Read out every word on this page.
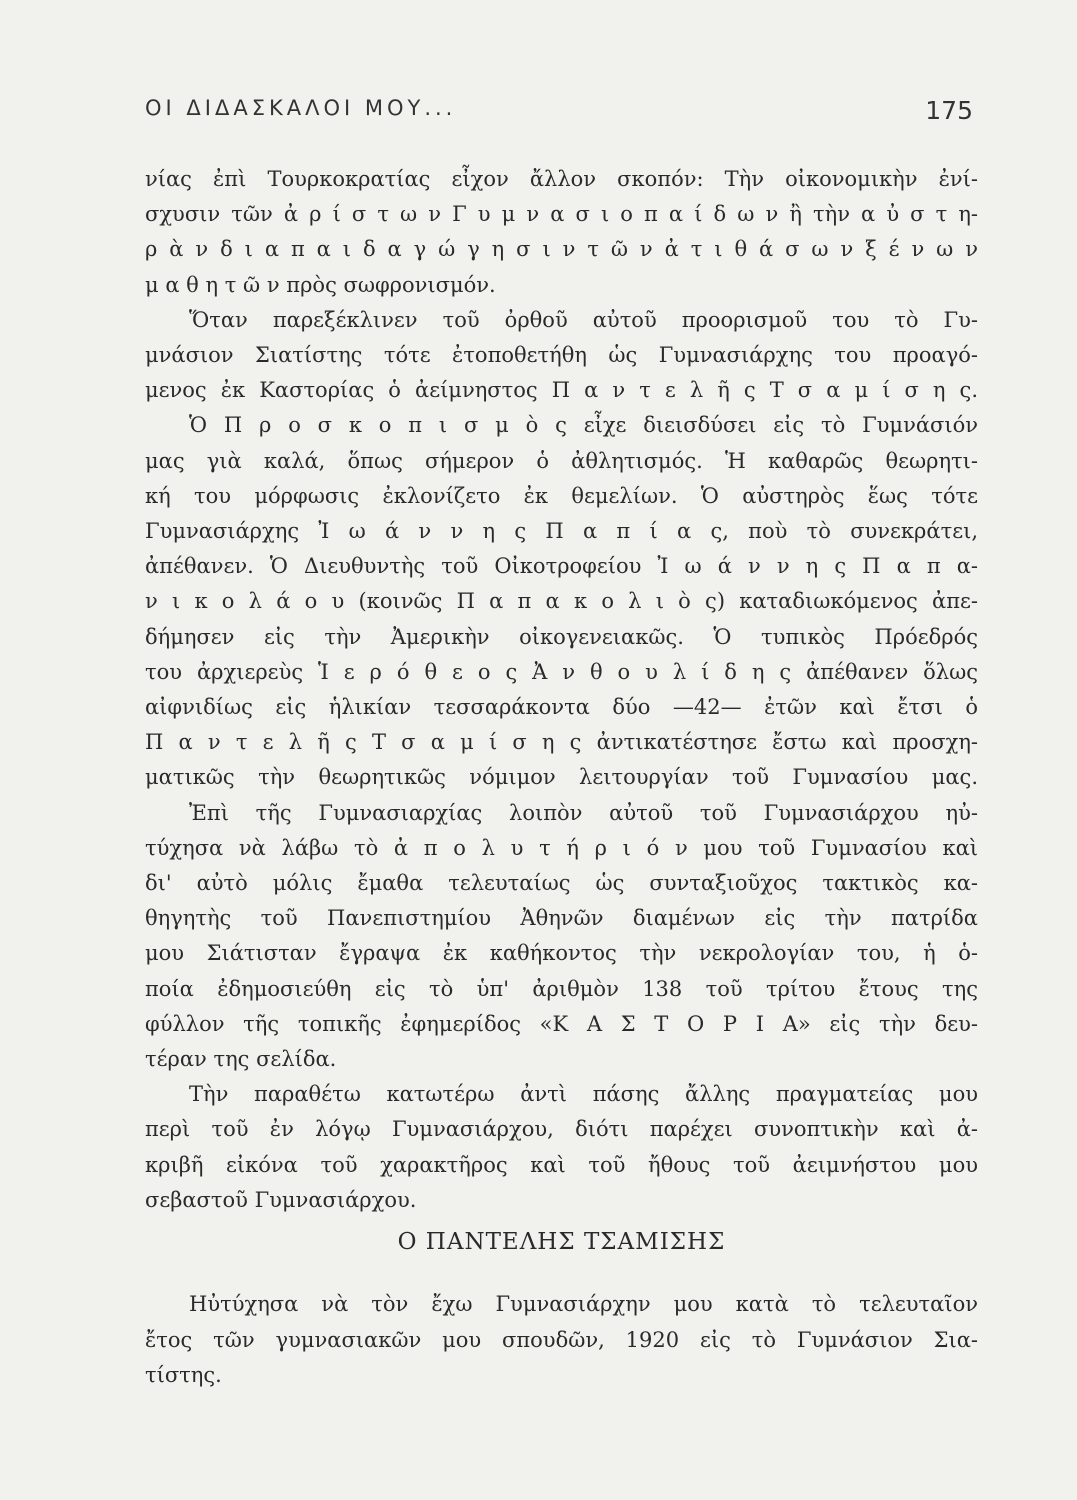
ΟΙ ΔΙΔΑΣΚΑΛΟΙ ΜΟΥ...	175
νίας ἐπὶ Τουρκοκρατίας εἶχον ἄλλον σκοπόν: Τὴν οἰκονομικὴν ἐνί-
σχυσιν τῶν ἀ ρ ί σ τ ω ν Γ υ μ ν α σ ι ο π α ί δ ω ν ἢ τὴν α ὐ σ τ η-
ρ ὰ ν δ ι α π α ι δ α γ ώ γ η σ ι ν τ ῶ ν ἀ τ ι θ ά σ ω ν ξ έ ν ω ν
μ α θ η τ ῶ ν πρὸς σωφρονισμόν.
Ὅταν παρεξέκλινεν τοῦ ὀρθοῦ αὐτοῦ προορισμοῦ του τὸ Γυ-
μνάσιον Σιατίστης τότε ἐτοποθετήθη ὡς Γυμνασιάρχης του προαγό-
μενος ἐκ Καστορίας ὁ ἀείμνηστος Π α ν τ ε λ ῆ ς Τ σ α μ ί σ η ς.
Ὁ Π ρ ο σ κ ο π ι σ μ ὸ ς εἶχε διεισδύσει εἰς τὸ Γυμνάσιόν
μας γιὰ καλά, ὅπως σήμερον ὁ ἀθλητισμός. Ἡ καθαρῶς θεωρητι-
κή του μόρφωσις ἐκλονίζετο ἐκ θεμελίων. Ὁ αὐστηρὸς ἕως τότε
Γυμνασιάρχης Ἰ ω ά ν ν η ς Π α π ί α ς, ποὺ τὸ συνεκράτει,
ἀπέθανεν. Ὁ Διευθυντὴς τοῦ Οἰκοτροφείου Ἰ ω ά ν ν η ς Π α π α-
ν ι κ ο λ ά ο υ (κοινῶς Π α π α κ ο λ ι ὸ ς) καταδιωκόμενος ἀπε-
δήμησεν εἰς τὴν Ἀμερικὴν οἰκογενειακῶς. Ὁ τυπικὸς Πρόεδρός
του ἀρχιερεὺς Ἱ ε ρ ό θ ε ο ς Ἀ ν θ ο υ λ ί δ η ς ἀπέθανεν ὅλως
αἰφνιδίως εἰς ἡλικίαν τεσσαράκοντα δύο —42— ἐτῶν καὶ ἔτσι ὁ
Π α ν τ ε λ ῆ ς Τ σ α μ ί σ η ς ἀντικατέστησε ἔστω καὶ προσχη-
ματικῶς τὴν θεωρητικῶς νόμιμον λειτουργίαν τοῦ Γυμνασίου μας.
Ἐπὶ τῆς Γυμνασιαρχίας λοιπὸν αὐτοῦ τοῦ Γυμνασιάρχου ηὐ-
τύχησα νὰ λάβω τὸ ἀ π ο λ υ τ ή ρ ι ό ν μου τοῦ Γυμνασίου καὶ
δι' αὐτὸ μόλις ἔμαθα τελευταίως ὡς συνταξιοῦχος τακτικὸς κα-
θηγητὴς τοῦ Πανεπιστημίου Ἀθηνῶν διαμένων εἰς τὴν πατρίδα
μου Σιάτισταν ἔγραψα ἐκ καθήκοντος τὴν νεκρολογίαν του, ἡ ὁ-
ποία ἐδημοσιεύθη εἰς τὸ ὑπ' ἀριθμὸν 138 τοῦ τρίτου ἔτους της
φύλλον τῆς τοπικῆς ἐφημερίδος «Κ Α Σ Τ Ο Ρ Ι Α» εἰς τὴν δευ-
τέραν της σελίδα.
Τὴν παραθέτω κατωτέρω ἀντὶ πάσης ἄλλης πραγματείας μου
περὶ τοῦ ἐν λόγῳ Γυμνασιάρχου, διότι παρέχει συνοπτικὴν καὶ ἀ-
κριβῆ εἰκόνα τοῦ χαρακτῆρος καὶ τοῦ ἤθους τοῦ ἀειμνήστου μου
σεβαστοῦ Γυμνασιάρχου.
Ο ΠΑΝΤΕΛΗΣ ΤΣΑΜΙΣΗΣ
Ηὐτύχησα νὰ τὸν ἔχω Γυμνασιάρχην μου κατὰ τὸ τελευταῖον
ἔτος τῶν γυμνασιακῶν μου σπουδῶν, 1920 εἰς τὸ Γυμνάσιον Σια-
τίστης.
